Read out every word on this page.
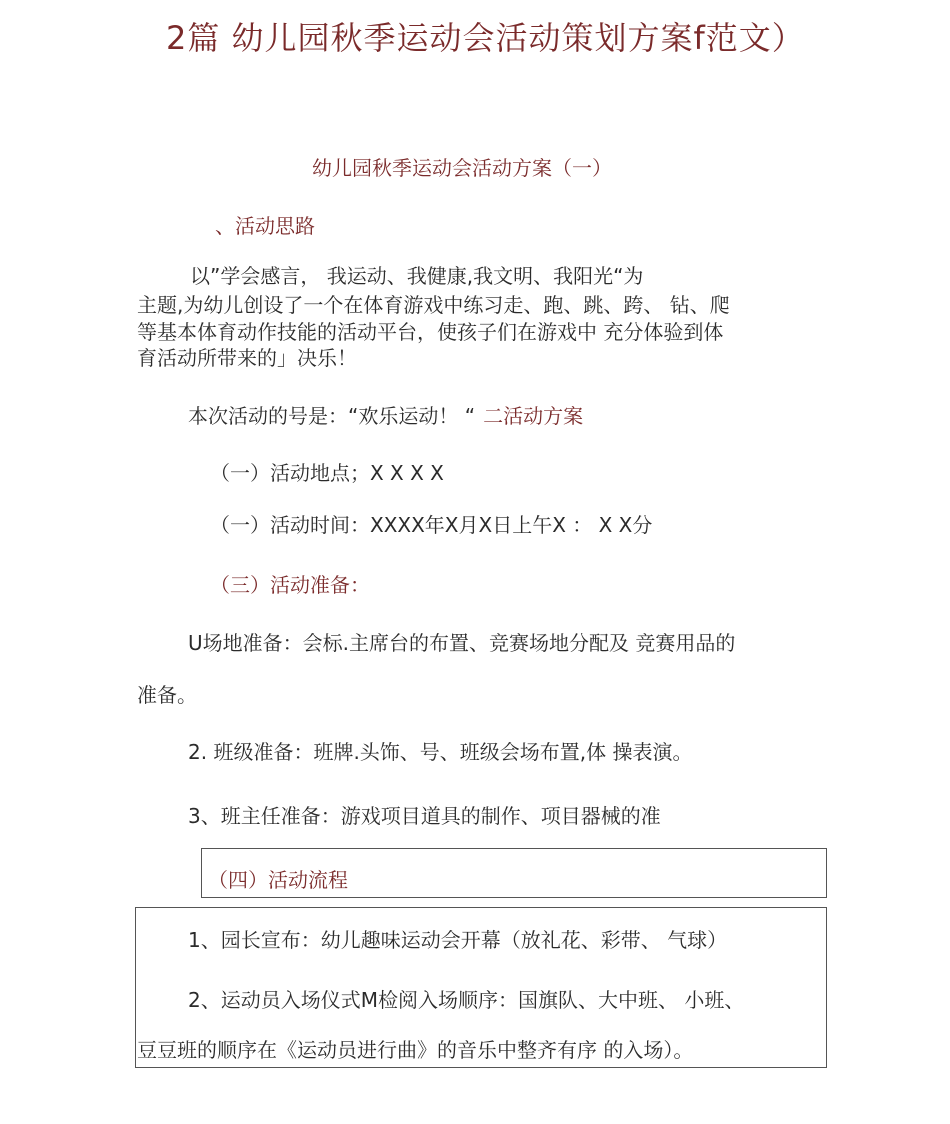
2篇 幼儿园秋季运动会活动策划方案f范文）
幼儿园秋季运动会活动方案（一）
、活动思路
以”学会感言， 我运动、我健康,我文明、我阳光“为
主题,为幼儿创设了一个在体育游戏中练习走、跑、跳、跨、 钻、爬
等基本体育动作技能的活动平台，使孩子们在游戏中 充分体验到体
育活动所带来的」决乐！
本次活动的号是：“欢乐运动！ “ 二活动方案
（一）活动地点；X X X X
（一）活动时间：XXXX年X月X日上午X ： X X分
（三）活动准备：
U场地准备：会标.主席台的布置、竞赛场地分配及 竞赛用品的
准备。
2. 班级准备：班牌.头饰、号、班级会场布置,体 操表演。
3、班主任准备：游戏项目道具的制作、项目器械的准
（四）活动流程
1、园长宣布：幼儿趣味运动会开幕（放礼花、彩带、 气球）
2、运动员入场仪式M检阅入场顺序：国旗队、大中班、 小班、
豆豆班的顺序在《运动员进行曲》的音乐中整齐有序 的入场）。
